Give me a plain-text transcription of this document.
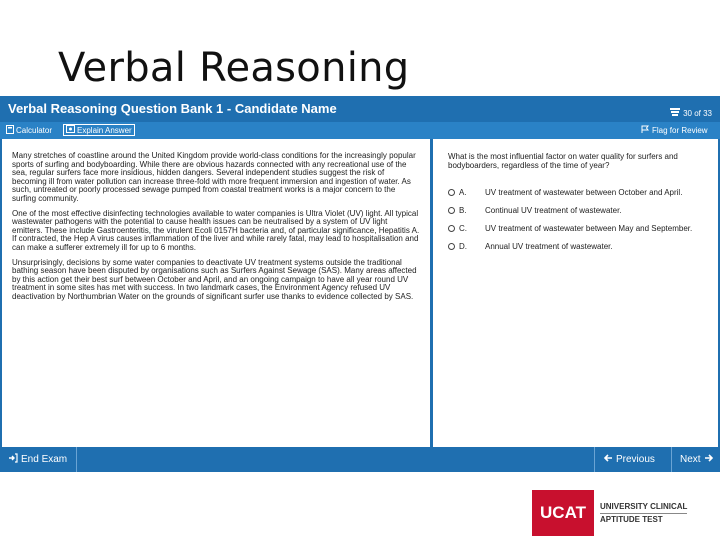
Verbal Reasoning
Verbal Reasoning Question Bank 1 - Candidate Name	30 of 33
Calculator	Explain Answer	Flag for Review

Many stretches of coastline around the United Kingdom provide world-class conditions for the increasingly popular sports of surfing and bodyboarding. While there are obvious hazards connected with any recreational use of the sea, regular surfers face more insidious, hidden dangers. Several independent studies suggest the risk of becoming ill from water pollution can increase three-fold with more frequent immersion and ingestion of water. As such, untreated or poorly processed sewage pumped from coastal treatment works is a major concern to the surfing community.

One of the most effective disinfecting technologies available to water companies is Ultra Violet (UV) light. All typical wastewater pathogens with the potential to cause health issues can be neutralised by a system of UV light emitters. These include Gastroenteritis, the virulent Ecoli 0157H bacteria and, of particular significance, Hepatitis A. If contracted, the Hep A virus causes inflammation of the liver and while rarely fatal, may lead to hospitalisation and can make a sufferer extremely ill for up to 6 months.

Unsurprisingly, decisions by some water companies to deactivate UV treatment systems outside the traditional bathing season have been disputed by organisations such as Surfers Against Sewage (SAS). Many areas affected by this action get their best surf between October and April, and an ongoing campaign to have all year round UV treatment in some sites has met with success. In two landmark cases, the Environment Agency refused UV deactivation by Northumbrian Water on the grounds of significant surfer use thanks to evidence collected by SAS.

What is the most influential factor on water quality for surfers and bodyboarders, regardless of the time of year?
A.	UV treatment of wastewater between October and April.
B.	Continual UV treatment of wastewater.
C.	UV treatment of wastewater between May and September.
D.	Annual UV treatment of wastewater.
End Exam	Previous	Next
UCAT	UNIVERSITY CLINICAL
APTITUDE TEST
